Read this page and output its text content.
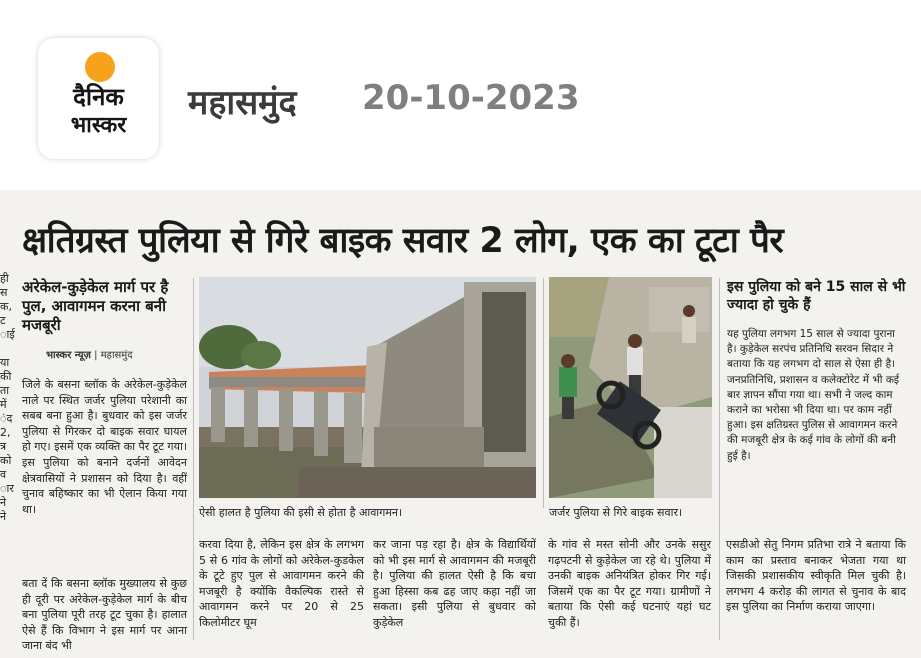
दैनिक
भास्कर
महासमुंद 20-10-2023
ही
स
क,
ट
ाई

या
की
ता
में
ंद
2,
त्र
को
व
ार
ने
ने
क्षतिग्रस्त पुलिया से गिरे बाइक सवार 2 लोग, एक का टूटा पैर
अरेकेल-कुड़ेकेल मार्ग पर है पुल, आवागमन करना बनी मजबूरी
भास्कर न्यूज़ | महासमुंद
जिले के बसना ब्लॉक के अरेकेल-कुड़ेकेल नाले पर स्थित जर्जर पुलिया परेशानी का सबब बना हुआ है। बुधवार को इस जर्जर पुलिया से गिरकर दो बाइक सवार घायल हो गए। इसमें एक व्यक्ति का पैर टूट गया। इस पुलिया को बनाने दर्जनों आवेदन क्षेत्रवासियों ने प्रशासन को दिया है। वहीं चुनाव बहिष्कार का भी ऐलान किया गया था।
बता दें कि बसना ब्लॉक मुख्यालय से कुछ ही दूरी पर अरेकेल-कुड़ेकेल मार्ग के बीच बना पुलिया पूरी तरह टूट चुका है। हालात ऐसे हैं कि विभाग ने इस मार्ग पर आना जाना बंद भी
करवा दिया है, लेकिन इस क्षेत्र के लगभग 5 से 6 गांव के लोगों को अरेकेल-कुडकेल के टूटे हुए पुल से आवागमन करने की मजबूरी है क्योंकि वैकल्पिक रास्ते से आवागमन करने पर 20 से 25 किलोमीटर घूम
कर जाना पड़ रहा है। क्षेत्र के विद्यार्थियों को भी इस मार्ग से आवागमन की मजबूरी है। पुलिया की हालत ऐसी है कि बचा हुआ हिस्सा कब ढह जाए कहा नहीं जा सकता। इसी पुलिया से बुधवार को कुड़ेकेल
के गांव से मस्त सोनी और उनके ससुर गढ़पटनी से कुड़ेकेल जा रहे थे। पुलिया में उनकी बाइक अनियंत्रित होकर गिर गई। जिसमें एक का पैर टूट गया। ग्रामीणों ने बताया कि ऐसी कई घटनाएं यहां घट चुकी हैं।
एसडीओ सेतु निगम प्रतिभा रात्रे ने बताया कि काम का प्रस्ताव बनाकर भेजता गया था जिसकी प्रशासकीय स्वीकृति मिल चुकी है। लगभग 4 करोड़ की लागत से चुनाव के बाद इस पुलिया का निर्माण कराया जाएगा।
ऐसी हालत है पुलिया की इसी से होता है आवागमन।	जर्जर पुलिया से गिरे बाइक सवार।
इस पुलिया को बने 15 साल से भी ज्यादा हो चुके हैं
यह पुलिया लगभग 15 साल से ज्यादा पुराना है। कुड़ेकेल सरपंच प्रतिनिधि सरवन सिदार ने बताया कि यह लगभग दो साल से ऐसा ही है। जनप्रतिनिधि, प्रशासन व कलेक्टोरेट में भी कई बार ज्ञापन सौंपा गया था। सभी ने जल्द काम कराने का भरोसा भी दिया था। पर काम नहीं हुआ। इस क्षतिग्रस्त पुलिस से आवागमन करने की मजबूरी क्षेत्र के कई गांव के लोगों की बनी हुई है।
